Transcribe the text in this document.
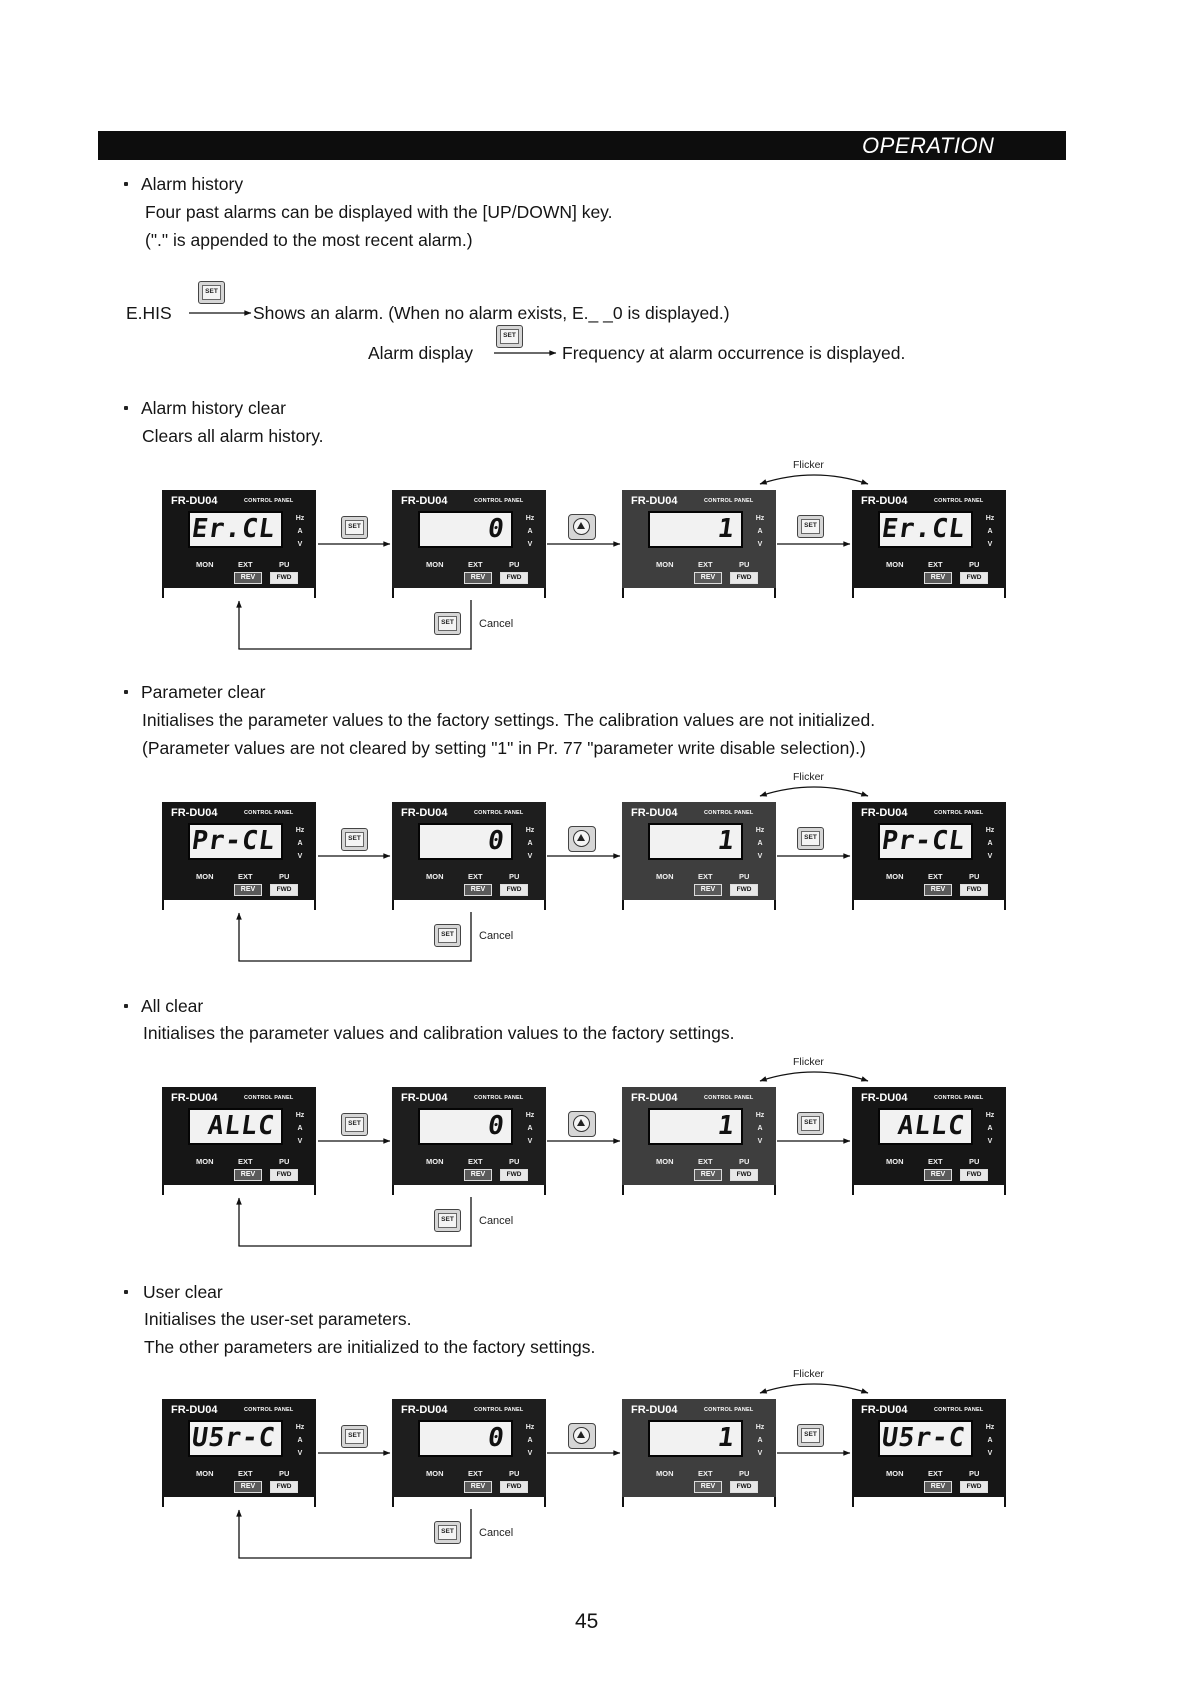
OPERATION
Alarm history
Four past alarms can be displayed with the [UP/DOWN] key.
("." is appended to the most recent alarm.)
E.HIS
SET
Shows an alarm. (When no alarm exists, E._ _0 is displayed.)
Alarm display
SET
Frequency at alarm occurrence is displayed.
Alarm history clear
Clears all alarm history.
Flicker
SET	SET
SET Cancel
FR-DU04	CONTROL PANEL
Er.CL	Hz
A
V
MON	EXT	PU
REV	FWD
FR-DU04	CONTROL PANEL
0	Hz
A
V
MON	EXT	PU
REV	FWD
FR-DU04	CONTROL PANEL
1	Hz
A
V
MON	EXT	PU
REV	FWD
FR-DU04	CONTROL PANEL
Er.CL	Hz
A
V
MON	EXT	PU
REV	FWD
Parameter clear
Initialises the parameter values to the factory settings. The calibration values are not initialized.
(Parameter values are not cleared by setting "1" in Pr. 77 "parameter write disable selection).)
Flicker
SET	SET
SET Cancel
FR-DU04	CONTROL PANEL
Pr-CL	Hz
A
V
MON	EXT	PU
REV	FWD
FR-DU04	CONTROL PANEL
0	Hz
A
V
MON	EXT	PU
REV	FWD
FR-DU04	CONTROL PANEL
1	Hz
A
V
MON	EXT	PU
REV	FWD
FR-DU04	CONTROL PANEL
Pr-CL	Hz
A
V
MON	EXT	PU
REV	FWD
All clear
Initialises the parameter values and calibration values to the factory settings.
Flicker
SET	SET
SET Cancel
FR-DU04	CONTROL PANEL
ALLC	Hz
A
V
MON	EXT	PU
REV	FWD
FR-DU04	CONTROL PANEL
0	Hz
A
V
MON	EXT	PU
REV	FWD
FR-DU04	CONTROL PANEL
1	Hz
A
V
MON	EXT	PU
REV	FWD
FR-DU04	CONTROL PANEL
ALLC	Hz
A
V
MON	EXT	PU
REV	FWD
User clear
Initialises the user-set parameters.
The other parameters are initialized to the factory settings.
Flicker
SET	SET
SET Cancel
FR-DU04	CONTROL PANEL
U5r-C	Hz
A
V
MON	EXT	PU
REV	FWD
FR-DU04	CONTROL PANEL
0	Hz
A
V
MON	EXT	PU
REV	FWD
FR-DU04	CONTROL PANEL
1	Hz
A
V
MON	EXT	PU
REV	FWD
FR-DU04	CONTROL PANEL
U5r-C	Hz
A
V
MON	EXT	PU
REV	FWD
45
